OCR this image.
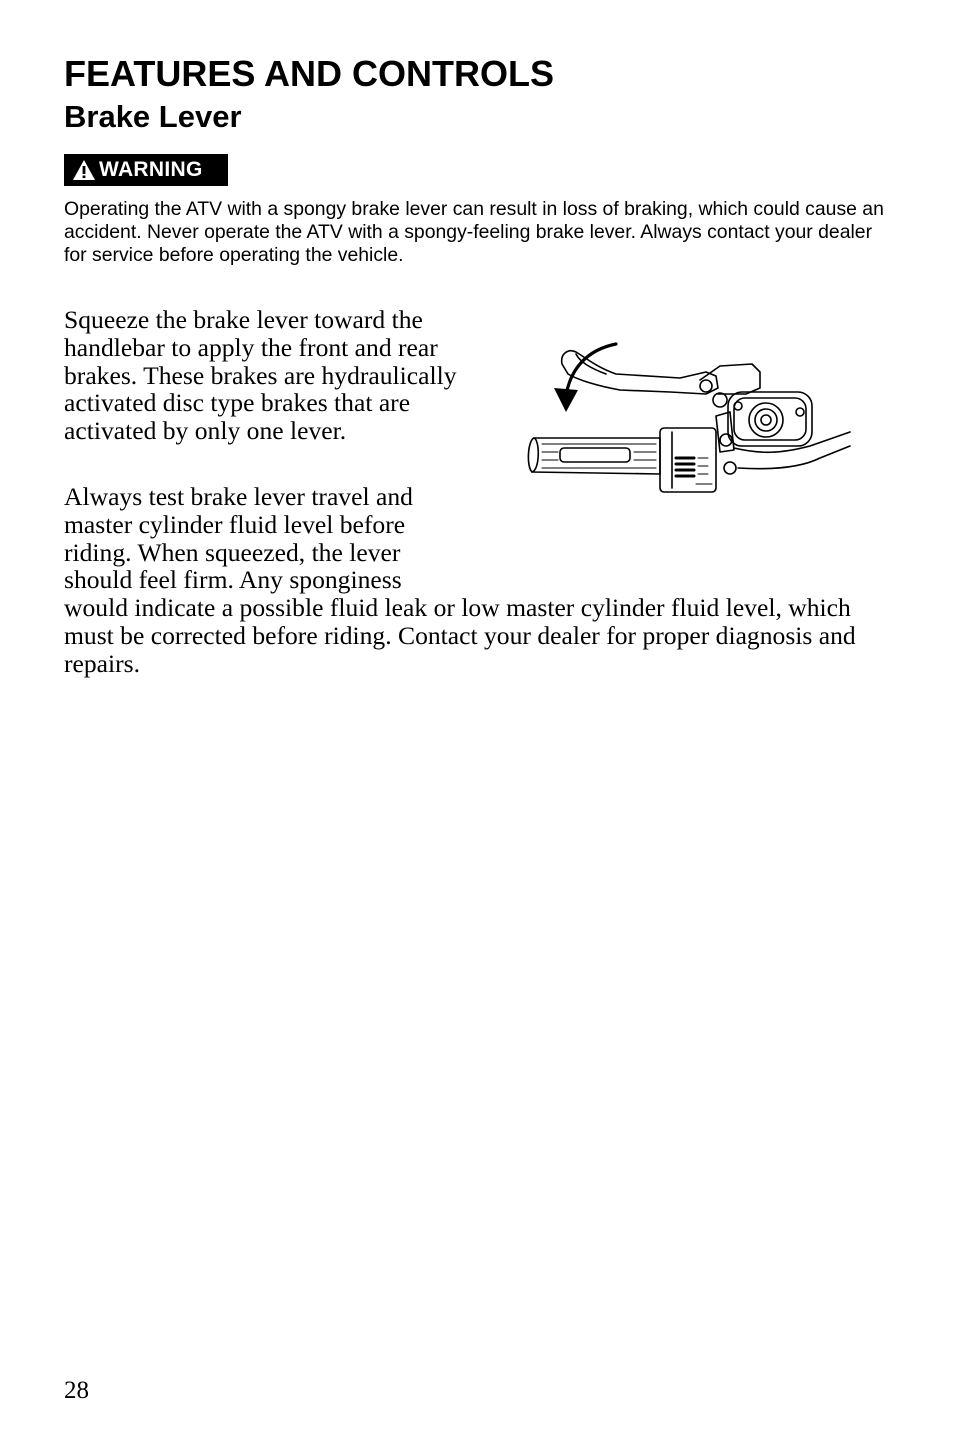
FEATURES AND CONTROLS
Brake Lever
WARNING

Operating the ATV with a spongy brake lever can result in loss of braking, which could cause an accident. Never operate the ATV with a spongy-feeling brake lever. Always contact your dealer for service before operating the vehicle.

Squeeze the brake lever toward the handlebar to apply the front and rear brakes. These brakes are hydraulically activated disc type brakes that are activated by only one lever.

Always test brake lever travel and
master cylinder fluid level before
riding. When squeezed, the lever
should feel firm. Any sponginess

would indicate a possible fluid leak or low master cylinder fluid level, which must be corrected before riding. Contact your dealer for proper diagnosis and repairs.

28
